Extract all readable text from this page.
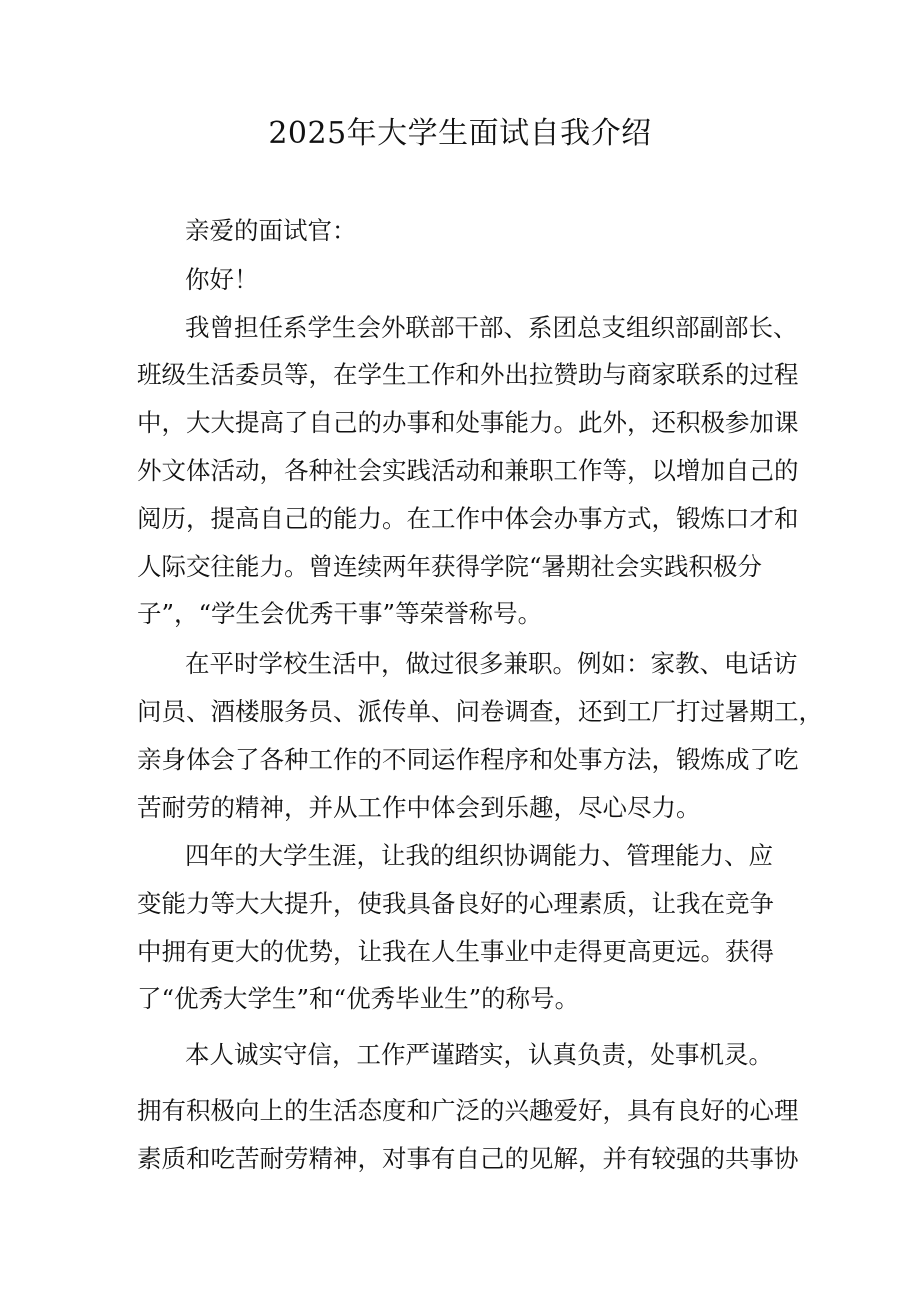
2025年大学生面试自我介绍
亲爱的面试官：
你好！
我曾担任系学生会外联部干部、系团总支组织部副部长、
班级生活委员等，在学生工作和外出拉赞助与商家联系的过程
中，大大提高了自己的办事和处事能力。此外，还积极参加课
外文体活动，各种社会实践活动和兼职工作等，以增加自己的
阅历，提高自己的能力。在工作中体会办事方式，锻炼口才和
人际交往能力。曾连续两年获得学院“暑期社会实践积极分
子”，“学生会优秀干事”等荣誉称号。
在平时学校生活中，做过很多兼职。例如：家教、电话访
问员、酒楼服务员、派传单、问卷调查，还到工厂打过暑期工，
亲身体会了各种工作的不同运作程序和处事方法，锻炼成了吃
苦耐劳的精神，并从工作中体会到乐趣，尽心尽力。
四年的大学生涯，让我的组织协调能力、管理能力、应
变能力等大大提升，使我具备良好的心理素质，让我在竞争
中拥有更大的优势，让我在人生事业中走得更高更远。获得
了“优秀大学生”和“优秀毕业生”的称号。
本人诚实守信，工作严谨踏实，认真负责，处事机灵。
拥有积极向上的生活态度和广泛的兴趣爱好，具有良好的心理
素质和吃苦耐劳精神，对事有自己的见解，并有较强的共事协
